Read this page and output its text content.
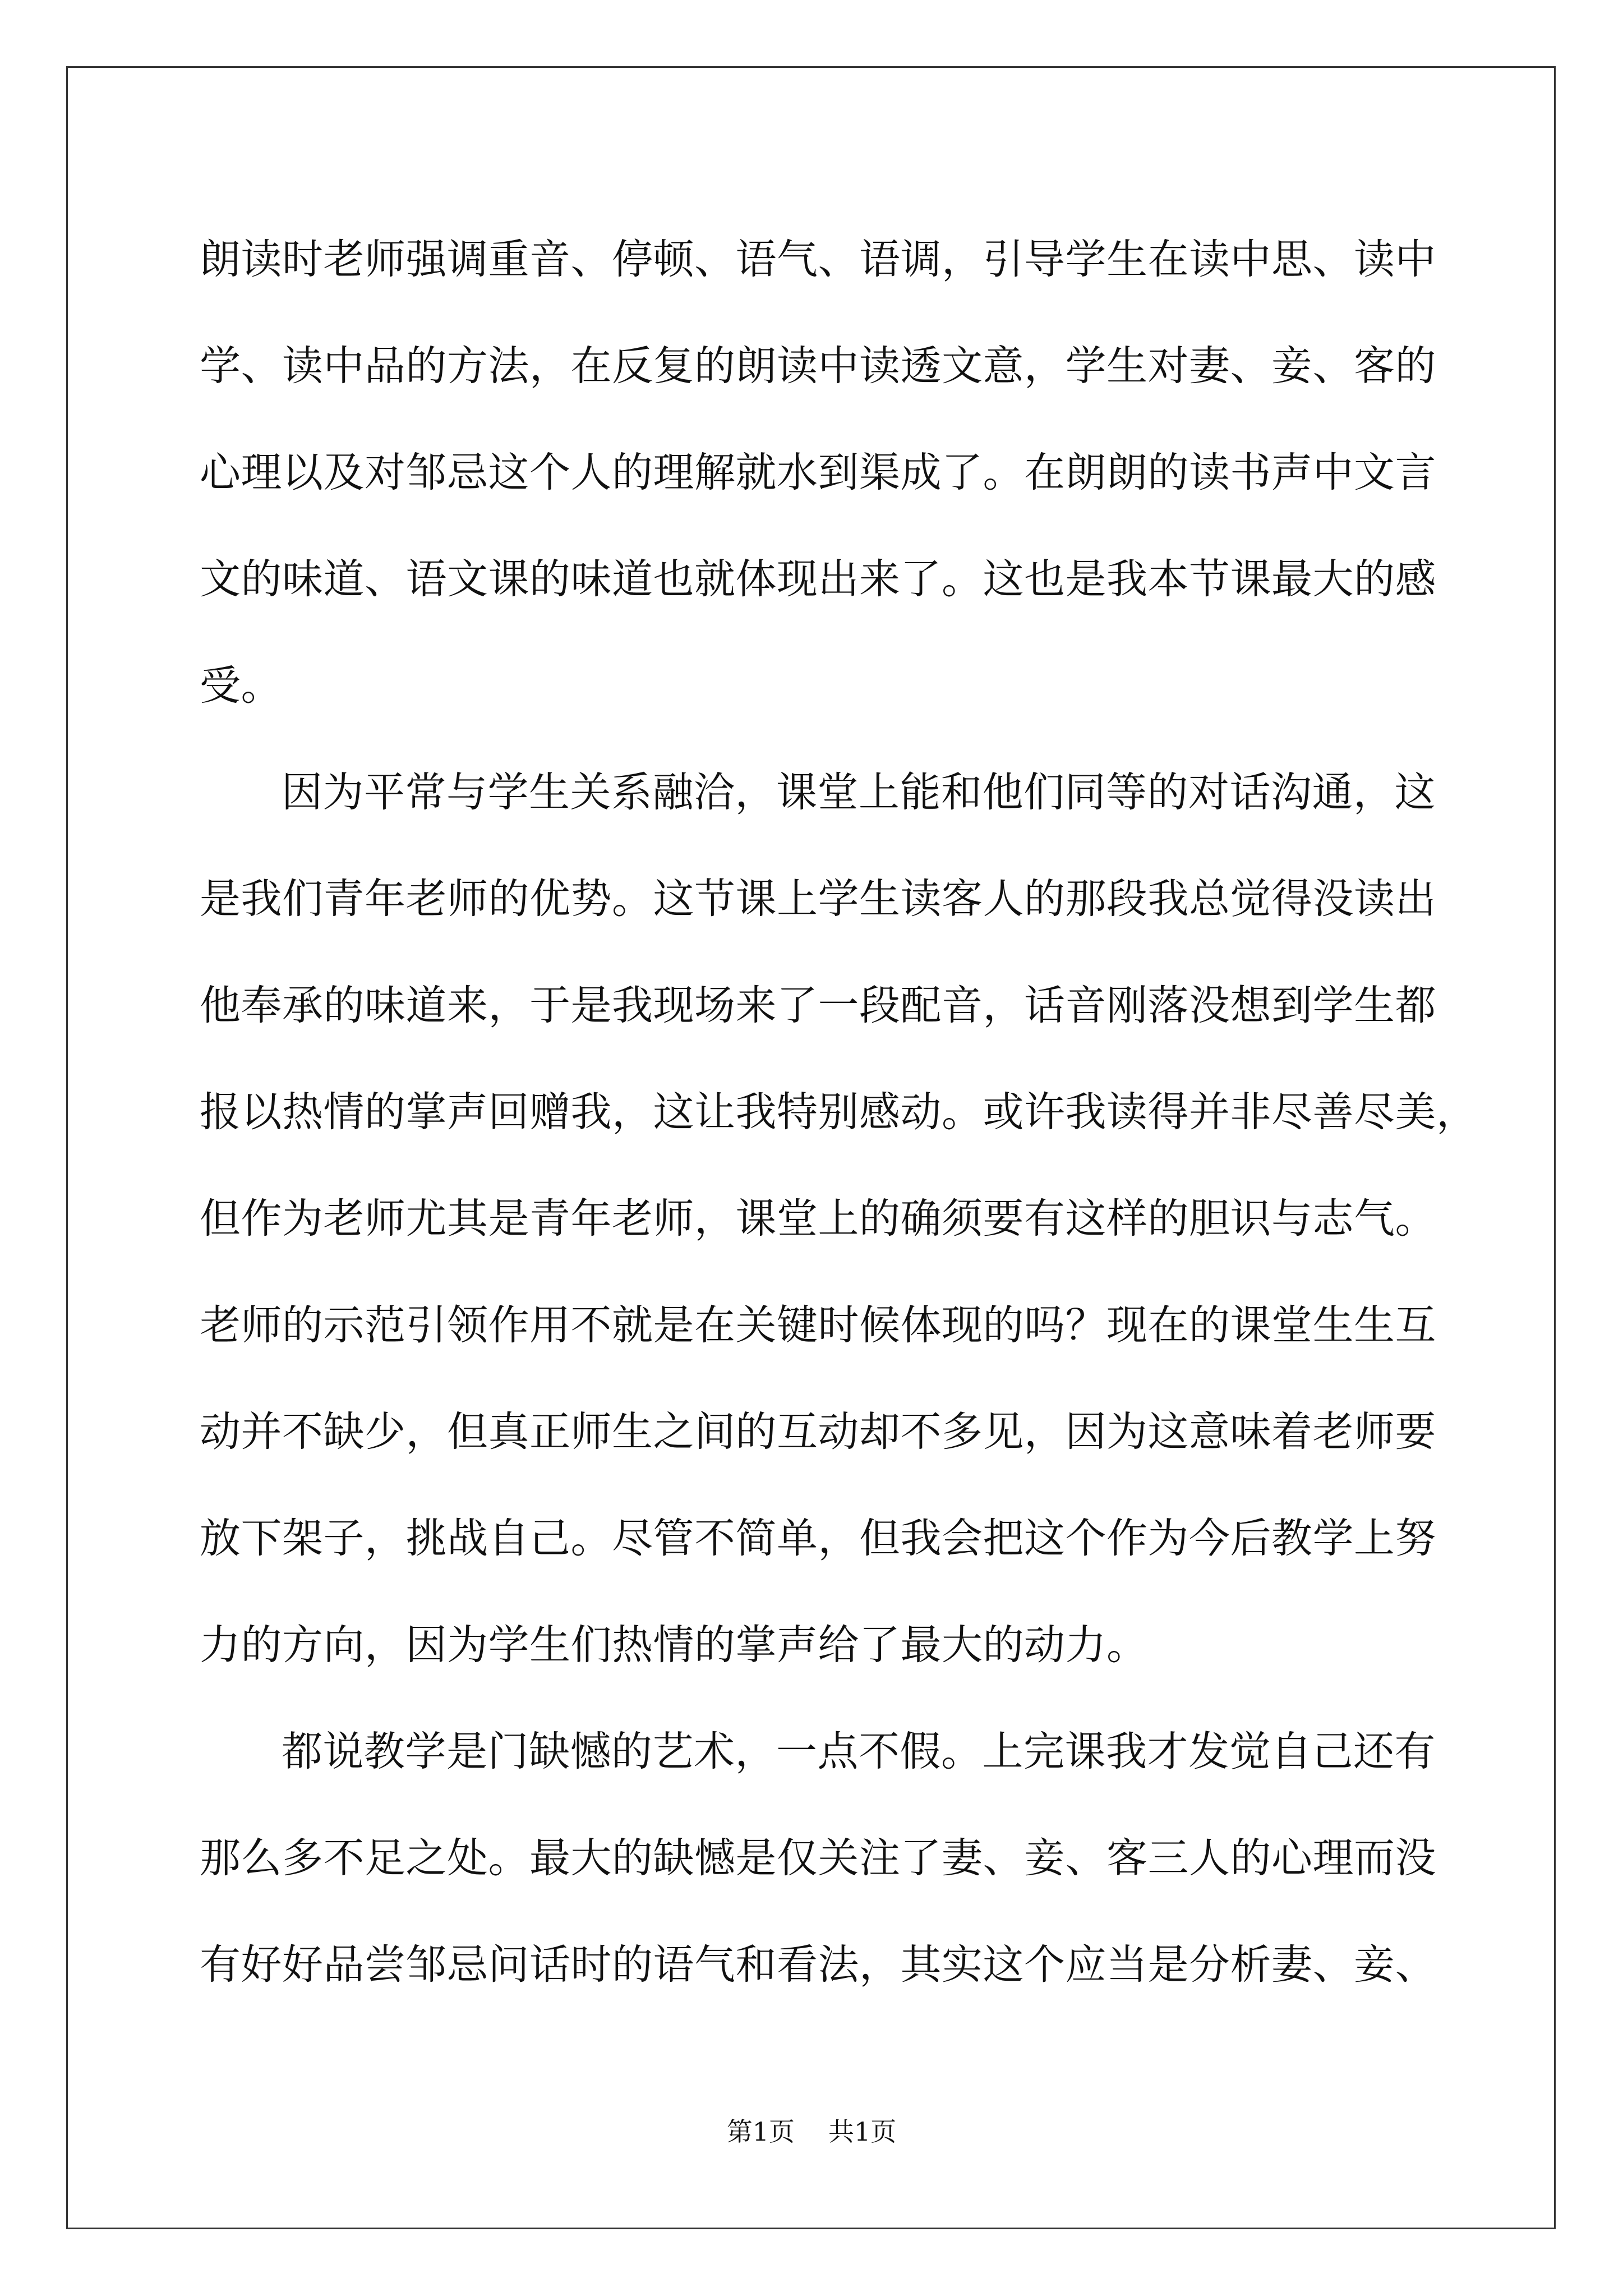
朗读时老师强调重音、停顿、语气、语调，引导学生在读中思、读中
学、读中品的方法，在反复的朗读中读透文意，学生对妻、妾、客的
心理以及对邹忌这个人的理解就水到渠成了。在朗朗的读书声中文言
文的味道、语文课的味道也就体现出来了。这也是我本节课最大的感
受。
因为平常与学生关系融洽，课堂上能和他们同等的对话沟通，这
是我们青年老师的优势。这节课上学生读客人的那段我总觉得没读出
他奉承的味道来，于是我现场来了一段配音，话音刚落没想到学生都
报以热情的掌声回赠我，这让我特别感动。或许我读得并非尽善尽美，
但作为老师尤其是青年老师，课堂上的确须要有这样的胆识与志气。
老师的示范引领作用不就是在关键时候体现的吗？现在的课堂生生互
动并不缺少，但真正师生之间的互动却不多见，因为这意味着老师要
放下架子，挑战自己。尽管不简单，但我会把这个作为今后教学上努
力的方向，因为学生们热情的掌声给了最大的动力。
都说教学是门缺憾的艺术，一点不假。上完课我才发觉自己还有
那么多不足之处。最大的缺憾是仅关注了妻、妾、客三人的心理而没
有好好品尝邹忌问话时的语气和看法，其实这个应当是分析妻、妾、
第1页 共1页
